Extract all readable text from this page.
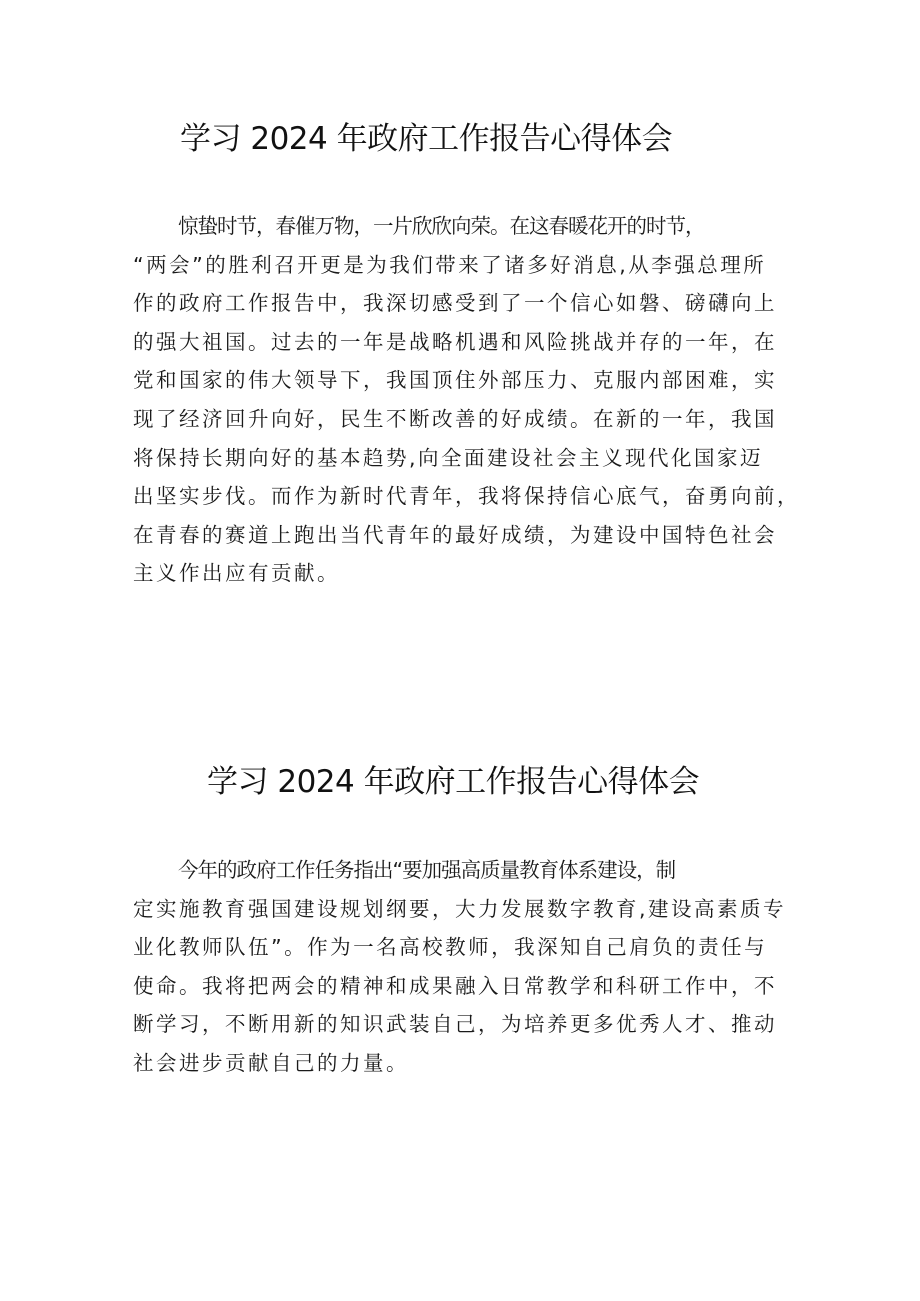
学习 2024 年政府工作报告心得体会

惊蛰时节，春催万物，一片欣欣向荣。在这春暖花开的时节，
“两会”的胜利召开更是为我们带来了诸多好消息,从李强总理所
作的政府工作报告中，我深切感受到了一个信心如磐、磅礴向上
的强大祖国。过去的一年是战略机遇和风险挑战并存的一年，在
党和国家的伟大领导下，我国顶住外部压力、克服内部困难，实
现了经济回升向好，民生不断改善的好成绩。在新的一年，我国
将保持长期向好的基本趋势,向全面建设社会主义现代化国家迈
出坚实步伐。而作为新时代青年，我将保持信心底气，奋勇向前，
在青春的赛道上跑出当代青年的最好成绩，为建设中国特色社会
主义作出应有贡献。

学习 2024 年政府工作报告心得体会

今年的政府工作任务指出“要加强高质量教育体系建设，制
定实施教育强国建设规划纲要，大力发展数字教育,建设高素质专
业化教师队伍”。作为一名高校教师，我深知自己肩负的责任与
使命。我将把两会的精神和成果融入日常教学和科研工作中，不
断学习，不断用新的知识武装自己，为培养更多优秀人才、推动
社会进步贡献自己的力量。
